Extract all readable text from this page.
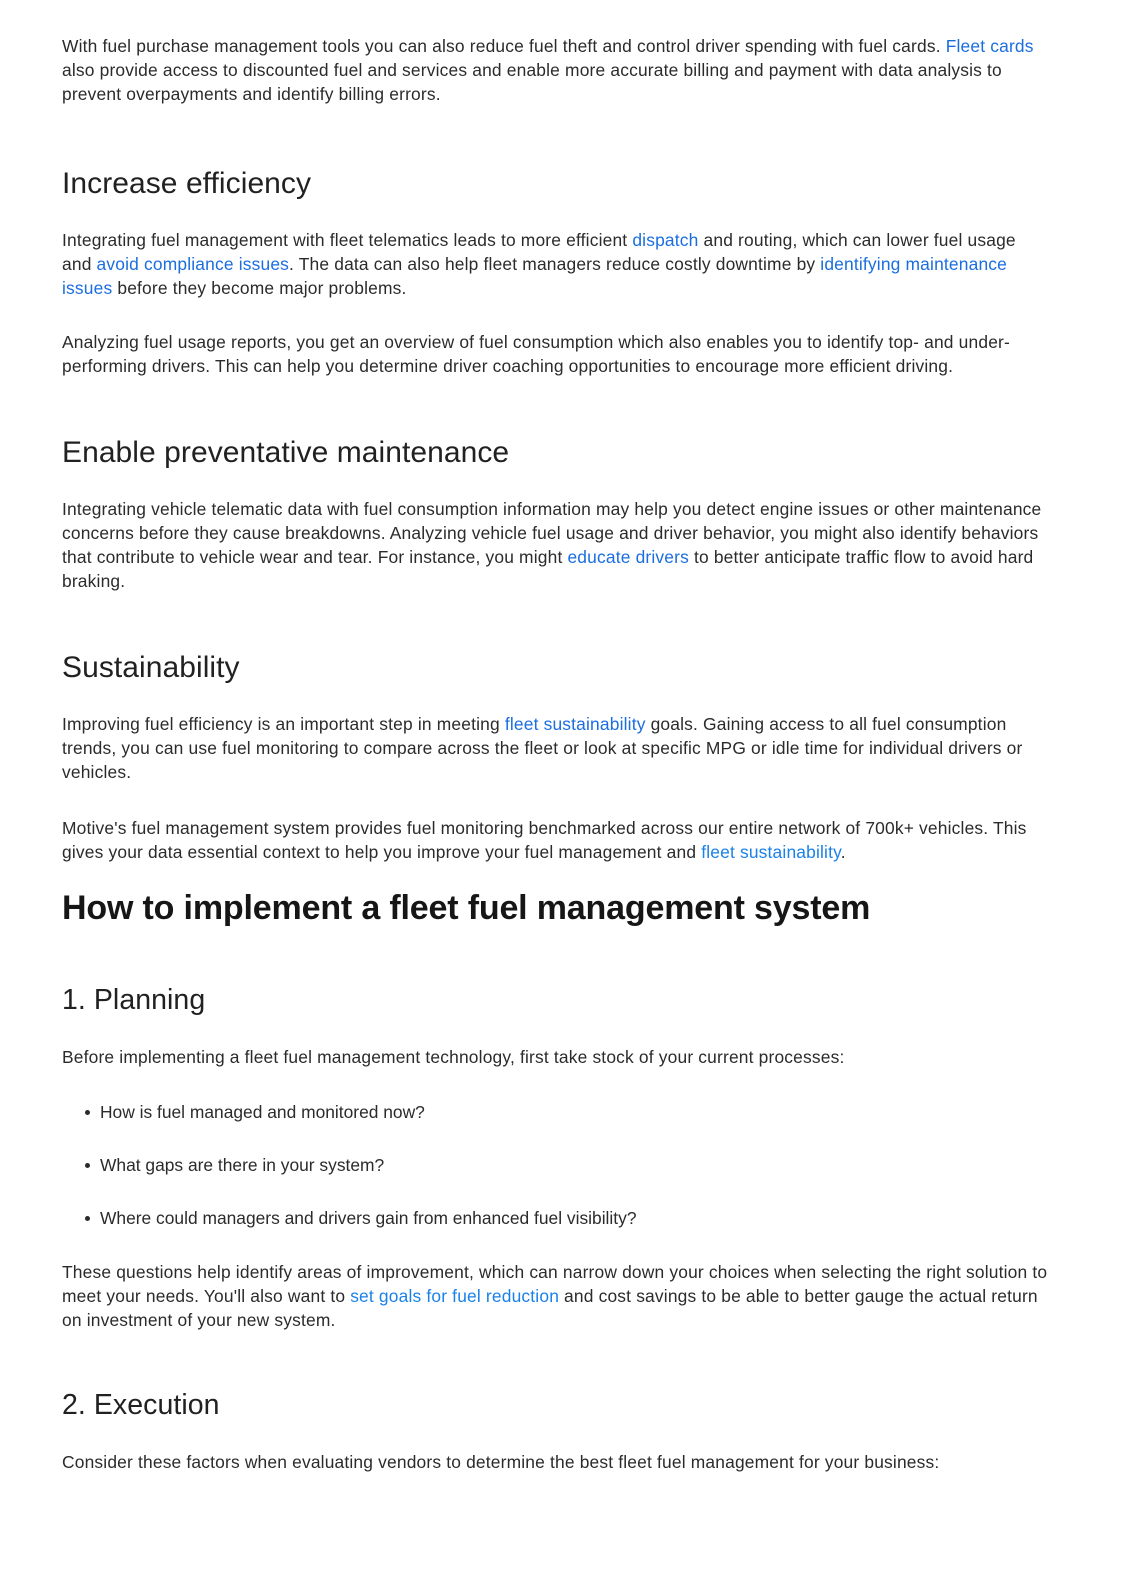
With fuel purchase management tools you can also reduce fuel theft and control driver spending with fuel cards. Fleet cards also provide access to discounted fuel and services and enable more accurate billing and payment with data analysis to prevent overpayments and identify billing errors.

Increase efficiency

Integrating fuel management with fleet telematics leads to more efficient dispatch and routing, which can lower fuel usage and avoid compliance issues. The data can also help fleet managers reduce costly downtime by identifying maintenance issues before they become major problems.

Analyzing fuel usage reports, you get an overview of fuel consumption which also enables you to identify top- and under-performing drivers. This can help you determine driver coaching opportunities to encourage more efficient driving.

Enable preventative maintenance

Integrating vehicle telematic data with fuel consumption information may help you detect engine issues or other maintenance concerns before they cause breakdowns. Analyzing vehicle fuel usage and driver behavior, you might also identify behaviors that contribute to vehicle wear and tear. For instance, you might educate drivers to better anticipate traffic flow to avoid hard braking.

Sustainability

Improving fuel efficiency is an important step in meeting fleet sustainability goals. Gaining access to all fuel consumption trends, you can use fuel monitoring to compare across the fleet or look at specific MPG or idle time for individual drivers or vehicles.

Motive's fuel management system provides fuel monitoring benchmarked across our entire network of 700k+ vehicles. This gives your data essential context to help you improve your fuel management and fleet sustainability.

How to implement a fleet fuel management system
1. Planning

Before implementing a fleet fuel management technology, first take stock of your current processes:

How is fuel managed and monitored now?
What gaps are there in your system?
Where could managers and drivers gain from enhanced fuel visibility?

These questions help identify areas of improvement, which can narrow down your choices when selecting the right solution to meet your needs. You'll also want to set goals for fuel reduction and cost savings to be able to better gauge the actual return on investment of your new system.

2. Execution

Consider these factors when evaluating vendors to determine the best fleet fuel management for your business:
